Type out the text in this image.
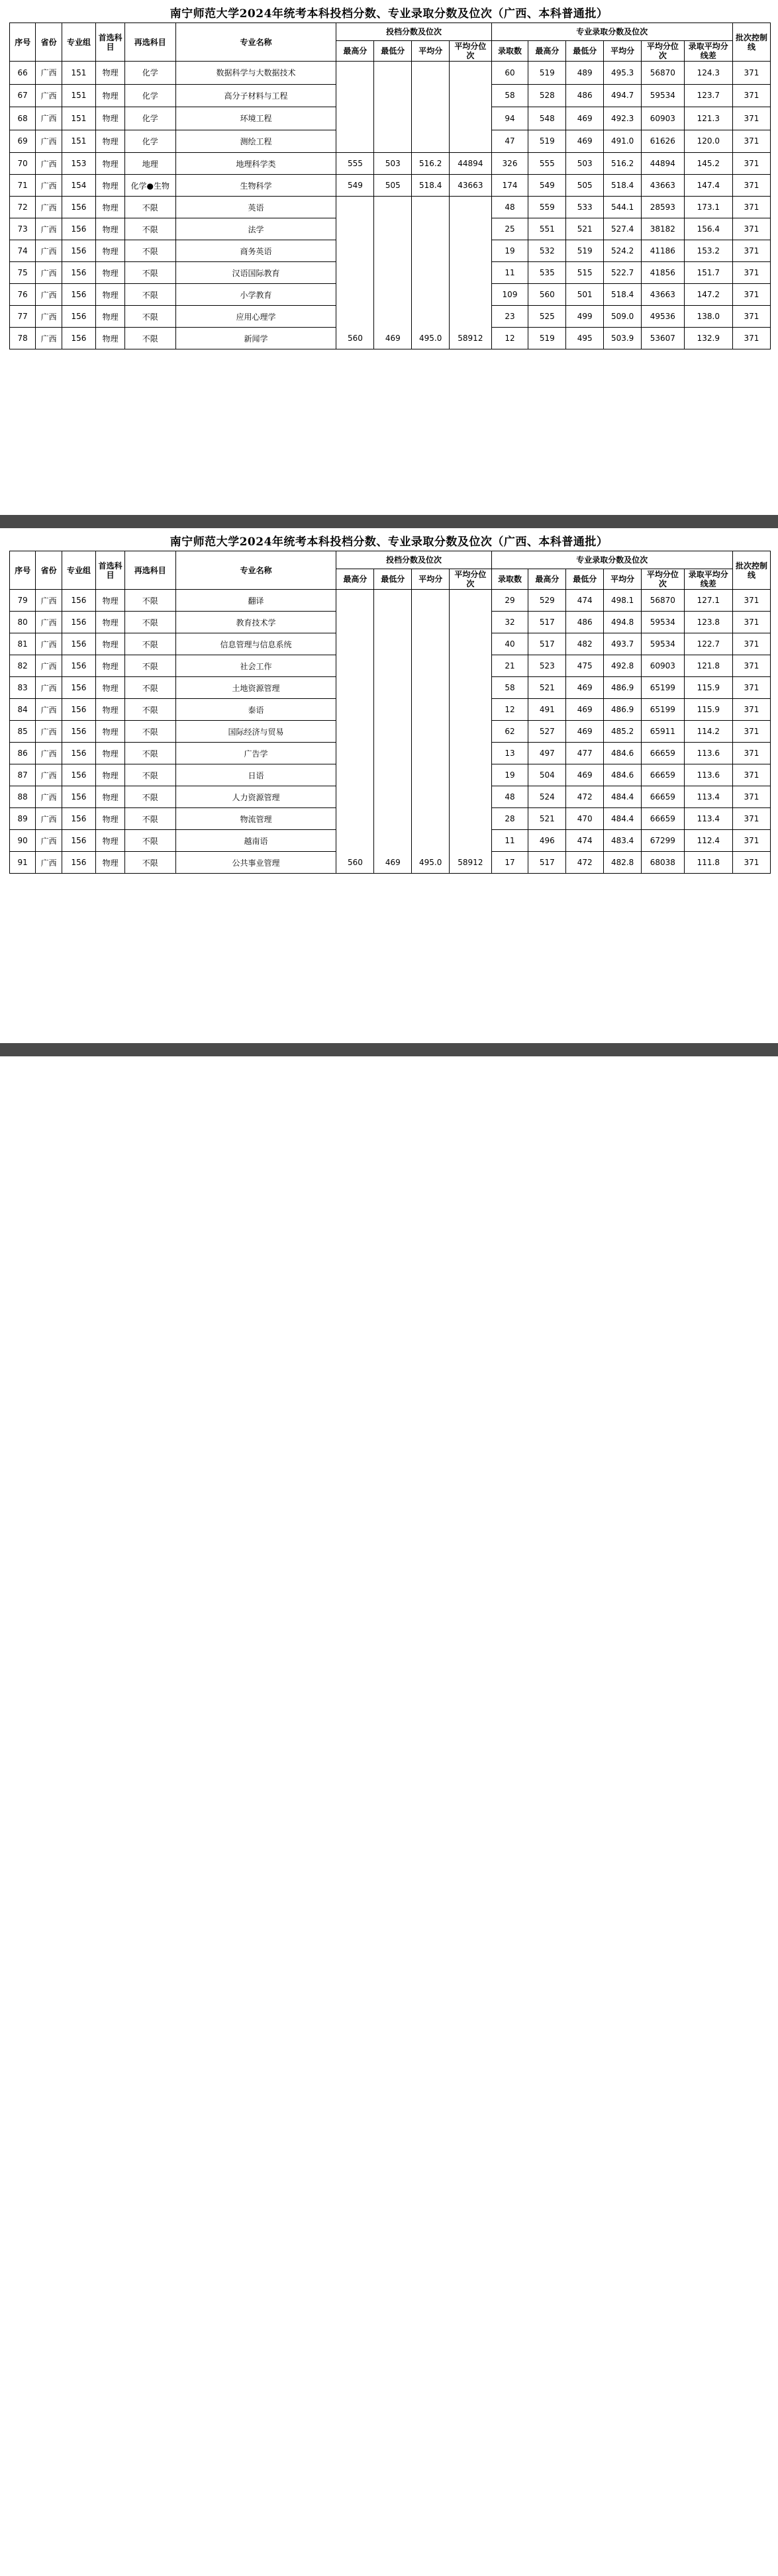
南宁师范大学2024年统考本科投档分数、专业录取分数及位次（广西、本科普通批）
序号	省份	专业组	首选科目	再选科目	专业名称	投档分数及位次				专业录取分数及位次						批次控制线
						最高分	最低分	平均分	平均分位次	录取数	最高分	最低分	平均分	平均分位次	录取平均分线差	
66	广西	151	物理	化学	数据科学与大数据技术					60	519	489	495.3	56870	124.3	371
67	广西	151	物理	化学	高分子材料与工程					58	528	486	494.7	59534	123.7	371
68	广西	151	物理	化学	环境工程					94	548	469	492.3	60903	121.3	371
69	广西	151	物理	化学	测绘工程					47	519	469	491.0	61626	120.0	371
70	广西	153	物理	地理	地理科学类	555	503	516.2	44894	326	555	503	516.2	44894	145.2	371
71	广西	154	物理	化学●生物	生物科学	549	505	518.4	43663	174	549	505	518.4	43663	147.4	371
72	广西	156	物理	不限	英语	560	469	495.0	58912	48	559	533	544.1	28593	173.1	371
73	广西	156	物理	不限	法学					25	551	521	527.4	38182	156.4	371
74	广西	156	物理	不限	商务英语					19	532	519	524.2	41186	153.2	371
75	广西	156	物理	不限	汉语国际教育					11	535	515	522.7	41856	151.7	371
76	广西	156	物理	不限	小学教育					109	560	501	518.4	43663	147.2	371
77	广西	156	物理	不限	应用心理学					23	525	499	509.0	49536	138.0	371
78	广西	156	物理	不限	新闻学					12	519	495	503.9	53607	132.9	371
南宁师范大学2024年统考本科投档分数、专业录取分数及位次（广西、本科普通批）
序号	省份	专业组	首选科目	再选科目	专业名称	投档分数及位次				专业录取分数及位次						批次控制线
						最高分	最低分	平均分	平均分位次	录取数	最高分	最低分	平均分	平均分位次	录取平均分线差	
79	广西	156	物理	不限	翻译	560	469	495.0	58912	29	529	474	498.1	56870	127.1	371
80	广西	156	物理	不限	教育技术学					32	517	486	494.8	59534	123.8	371
81	广西	156	物理	不限	信息管理与信息系统					40	517	482	493.7	59534	122.7	371
82	广西	156	物理	不限	社会工作					21	523	475	492.8	60903	121.8	371
83	广西	156	物理	不限	土地资源管理					58	521	469	486.9	65199	115.9	371
84	广西	156	物理	不限	泰语					12	491	469	486.9	65199	115.9	371
85	广西	156	物理	不限	国际经济与贸易					62	527	469	485.2	65911	114.2	371
86	广西	156	物理	不限	广告学					13	497	477	484.6	66659	113.6	371
87	广西	156	物理	不限	日语					19	504	469	484.6	66659	113.6	371
88	广西	156	物理	不限	人力资源管理					48	524	472	484.4	66659	113.4	371
89	广西	156	物理	不限	物流管理					28	521	470	484.4	66659	113.4	371
90	广西	156	物理	不限	越南语					11	496	474	483.4	67299	112.4	371
91	广西	156	物理	不限	公共事业管理					17	517	472	482.8	68038	111.8	371
